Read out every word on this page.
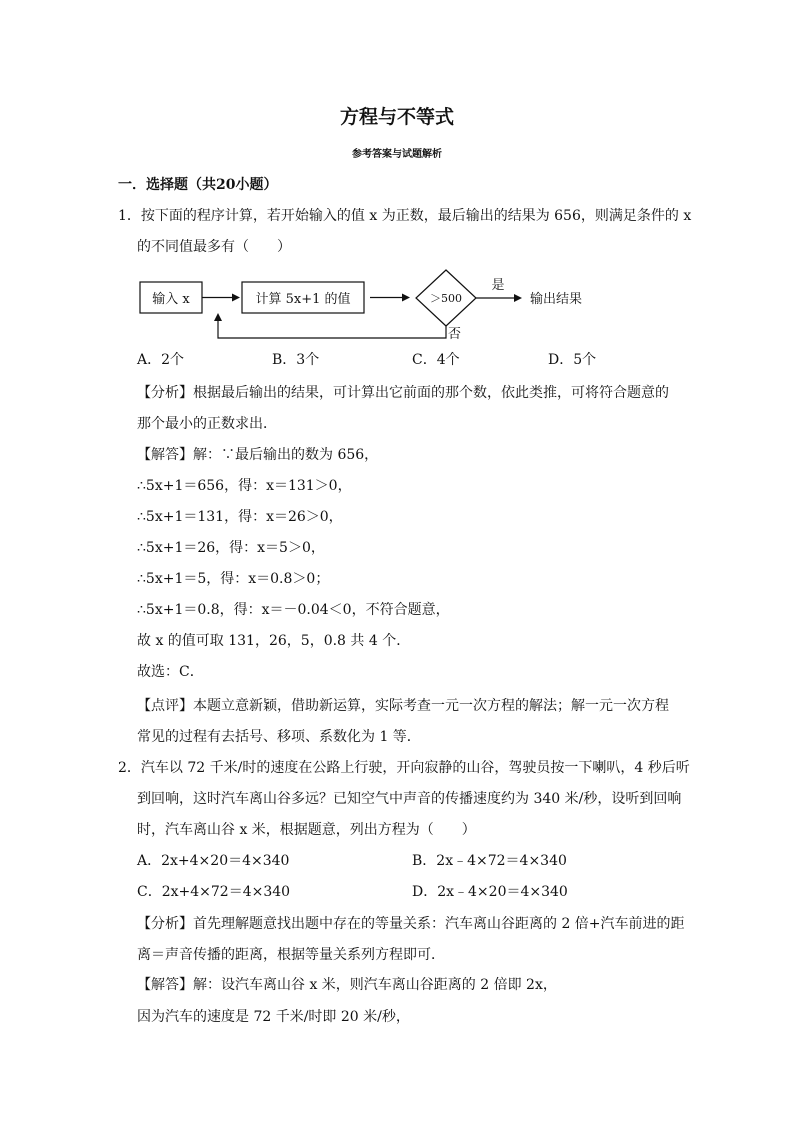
方程与不等式
参考答案与试题解析
一．选择题（共20小题）
1．按下面的程序计算，若开始输入的值 x 为正数，最后输出的结果为 656，则满足条件的 x
的不同值最多有（　　）
输入 x	计算 5x+1 的值	＞500
是
输出结果
否
A．2个	B．3个	C．4个	D．5个
【分析】根据最后输出的结果，可计算出它前面的那个数，依此类推，可将符合题意的
那个最小的正数求出．
【解答】解：∵最后输出的数为 656，
∴5x+1＝656，得：x＝131＞0，
∴5x+1＝131，得：x＝26＞0，
∴5x+1＝26，得：x＝5＞0，
∴5x+1＝5，得：x＝0.8＞0；
∴5x+1＝0.8，得：x＝－0.04＜0，不符合题意，
故 x 的值可取 131，26，5，0.8 共 4 个．
故选：C．
【点评】本题立意新颖，借助新运算，实际考查一元一次方程的解法；解一元一次方程
常见的过程有去括号、移项、系数化为 1 等．
2．汽车以 72 千米/时的速度在公路上行驶，开向寂静的山谷，驾驶员按一下喇叭，4 秒后听
到回响，这时汽车离山谷多远？已知空气中声音的传播速度约为 340 米/秒，设听到回响
时，汽车离山谷 x 米，根据题意，列出方程为（　　）
A．2x+4×20＝4×340	B．2x﹣4×72＝4×340
C．2x+4×72＝4×340	D．2x﹣4×20＝4×340
【分析】首先理解题意找出题中存在的等量关系：汽车离山谷距离的 2 倍+汽车前进的距
离＝声音传播的距离，根据等量关系列方程即可．
【解答】解：设汽车离山谷 x 米，则汽车离山谷距离的 2 倍即 2x，
因为汽车的速度是 72 千米/时即 20 米/秒，
